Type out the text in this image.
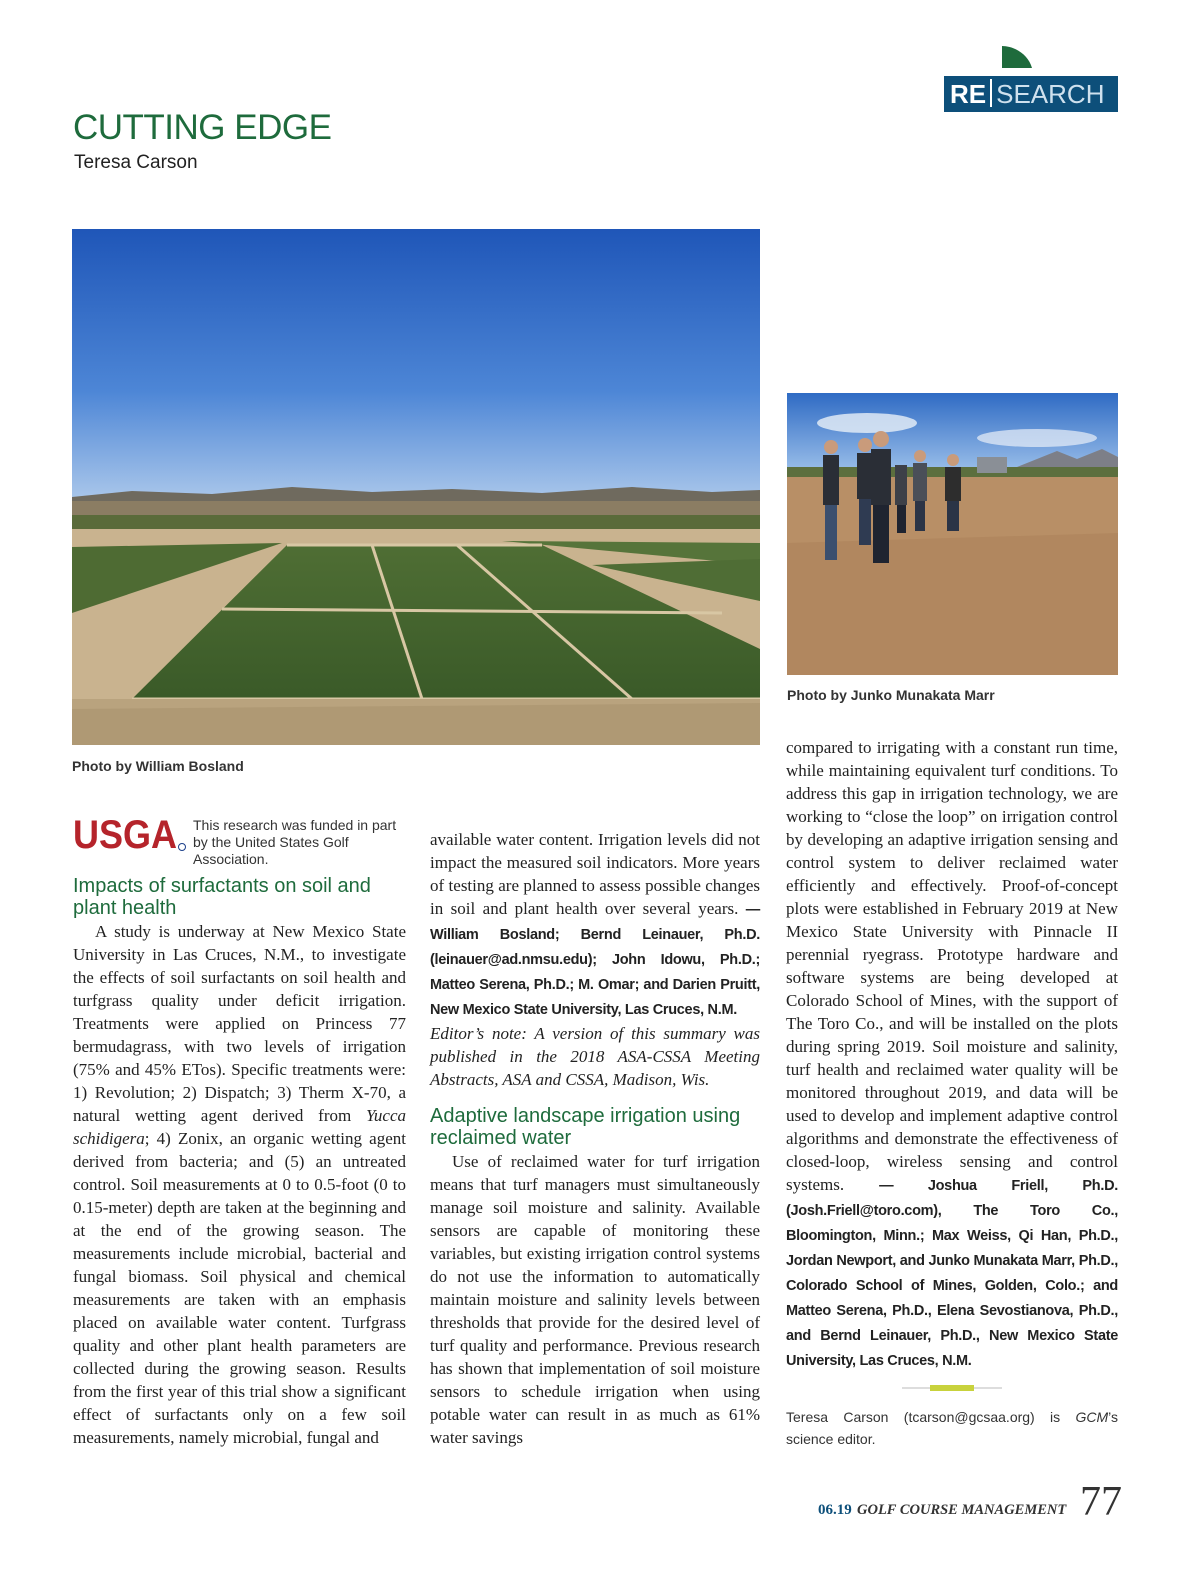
CUTTING EDGE
Teresa Carson
RE SEARCH
Photo by William Bosland
Photo by Junko Munakata Marr
USGA This research was funded in part by the United States Golf Association.
Impacts of surfactants on soil and plant health

A study is underway at New Mexico State University in Las Cruces, N.M., to investigate the effects of soil surfactants on soil health and turfgrass quality under deficit irrigation. Treatments were applied on Princess 77 bermudagrass, with two levels of irrigation (75% and 45% ETos). Specific treatments were: 1) Revolution; 2) Dispatch; 3) Therm X-70, a natural wetting agent derived from Yucca schidigera; 4) Zonix, an organic wetting agent derived from bacteria; and (5) an untreated control. Soil measurements at 0 to 0.5-foot (0 to 0.15-meter) depth are taken at the beginning and at the end of the growing season. The measurements include microbial, bacterial and fungal biomass. Soil physical and chemical measurements are taken with an emphasis placed on available water content. Turfgrass quality and other plant health parameters are collected during the growing season. Results from the first year of this trial show a significant effect of surfactants only on a few soil measurements, namely microbial, fungal and

available water content. Irrigation levels did not impact the measured soil indicators. More years of testing are planned to assess possible changes in soil and plant health over several years. — William Bosland; Bernd Leinauer, Ph.D. (leinauer@ad.nmsu.edu); John Idowu, Ph.D.; Matteo Serena, Ph.D.; M. Omar; and Darien Pruitt, New Mexico State University, Las Cruces, N.M.

Editor’s note: A version of this summary was published in the 2018 ASA-CSSA Meeting Abstracts, ASA and CSSA, Madison, Wis.

Adaptive landscape irrigation using reclaimed water

Use of reclaimed water for turf irrigation means that turf managers must simultaneously manage soil moisture and salinity. Available sensors are capable of monitoring these variables, but existing irrigation control systems do not use the information to automatically maintain moisture and salinity levels between thresholds that provide for the desired level of turf quality and performance. Previous research has shown that implementation of soil moisture sensors to schedule irrigation when using potable water can result in as much as 61% water savings

compared to irrigating with a constant run time, while maintaining equivalent turf conditions. To address this gap in irrigation technology, we are working to “close the loop” on irrigation control by developing an adaptive irrigation sensing and control system to deliver reclaimed water efficiently and effectively. Proof-of-concept plots were established in February 2019 at New Mexico State University with Pinnacle II perennial ryegrass. Prototype hardware and software systems are being developed at Colorado School of Mines, with the support of The Toro Co., and will be installed on the plots during spring 2019. Soil moisture and salinity, turf health and reclaimed water quality will be monitored throughout 2019, and data will be used to develop and implement adaptive control algorithms and demonstrate the effectiveness of closed-loop, wireless sensing and control systems. — Joshua Friell, Ph.D. (Josh.Friell@toro.com), The Toro Co., Bloomington, Minn.; Max Weiss, Qi Han, Ph.D., Jordan Newport, and Junko Munakata Marr, Ph.D., Colorado School of Mines, Golden, Colo.; and Matteo Serena, Ph.D., Elena Sevostianova, Ph.D., and Bernd Leinauer, Ph.D., New Mexico State University, Las Cruces, N.M.

Teresa Carson (tcarson@gcsaa.org) is GCM’s science editor.
06.19 GOLF COURSE MANAGEMENT 77
